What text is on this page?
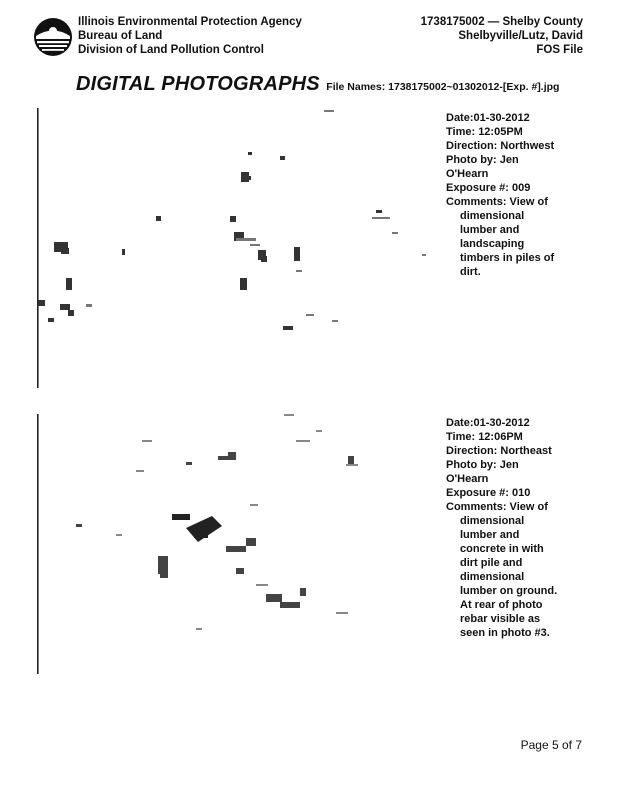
Illinois Environmental Protection Agency
Bureau of Land
Division of Land Pollution Control
1738175002 — Shelby County
Shelbyville/Lutz, David
FOS File
DIGITAL PHOTOGRAPHS File Names: 1738175002~01302012-[Exp. #].jpg
Date:01-30-2012
Time: 12:05PM
Direction: Northwest
Photo by: Jen
O'Hearn
Exposure #: 009
Comments: View of
dimensional
lumber and
landscaping
timbers in piles of
dirt.
Date:01-30-2012
Time: 12:06PM
Direction: Northeast
Photo by: Jen
O'Hearn
Exposure #: 010
Comments: View of
dimensional
lumber and
concrete in with
dirt pile and
dimensional
lumber on ground.
At rear of photo
rebar visible as
seen in photo #3.
Page 5 of 7
